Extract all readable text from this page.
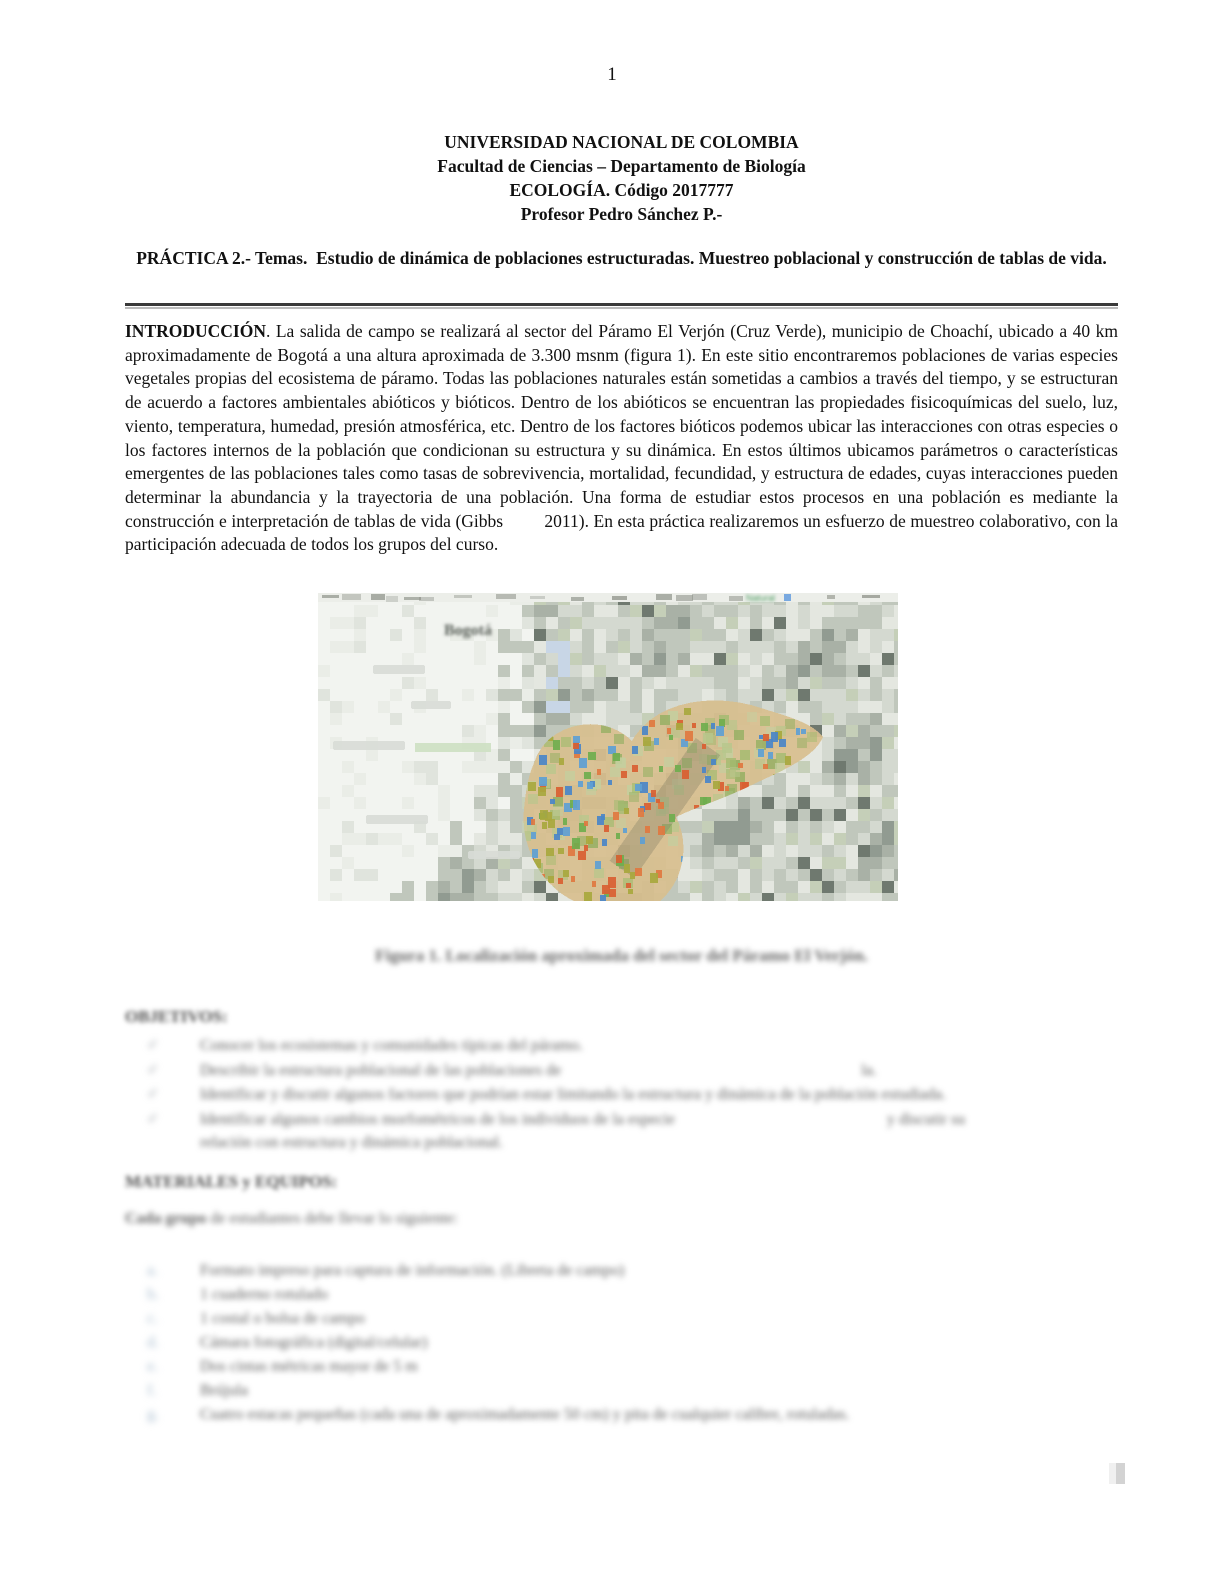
1
UNIVERSIDAD NACIONAL DE COLOMBIA
Facultad de Ciencias – Departamento de Biología
ECOLOGÍA. Código 2017777
Profesor Pedro Sánchez P.-
PRÁCTICA 2.- Temas.  Estudio de dinámica de poblaciones estructuradas. Muestreo poblacional y construcción de tablas de vida.
INTRODUCCIÓN. La salida de campo se realizará al sector del Páramo El Verjón (Cruz Verde), municipio de Choachí, ubicado a 40 km aproximadamente de Bogotá a una altura aproximada de 3.300 msnm (figura 1). En este sitio encontraremos poblaciones de varias especies vegetales propias del ecosistema de páramo. Todas las poblaciones naturales están sometidas a cambios a través del tiempo, y se estructuran de acuerdo a factores ambientales abióticos y bióticos. Dentro de los abióticos se encuentran las propiedades fisicoquímicas del suelo, luz, viento, temperatura, humedad, presión atmosférica, etc. Dentro de los factores bióticos podemos ubicar las interacciones con otras especies o los factores internos de la población que condicionan su estructura y su dinámica. En estos últimos ubicamos parámetros o características emergentes de las poblaciones tales como tasas de sobrevivencia, mortalidad, fecundidad, y estructura de edades, cuyas interacciones pueden determinar la abundancia y la trayectoria de una población. Una forma de estudiar estos procesos en una población es mediante la construcción e interpretación de tablas de vida (Gibbs         2011). En esta práctica realizaremos un esfuerzo de muestreo colaborativo, con la participación adecuada de todos los grupos del curso.
Bogotá
Natural
Figura 1. Localización aproximada del sector del Páramo El Verjón.
OBJETIVOS:
✓	Conocer los ecosistemas y comunidades típicas del páramo.
✓	Describir la estructura poblacional de las poblaciones de	la.
✓	Identificar y discutir algunos factores que podrían estar limitando la estructura y dinámica de la población estudiada.
✓	Identificar algunos cambios morfométricos de los individuos de la especie	y discutir su
relación con estructura y dinámica poblacional.
MATERIALES y EQUIPOS:
Cada grupo de estudiantes debe llevar lo siguiente:
a.	Formato impreso para captura de información. (Libreta de campo)
b.	1 cuaderno rotulado
c.	1 costal o bolsa de campo
d.	Cámara fotográfica (digital/celular)
e.	Dos cintas métricas mayor de 5 m
f.	Brújula
g.	Cuatro estacas pequeñas (cada una de aproximadamente 50 cm) y pita de cualquier calibre, rotuladas.
